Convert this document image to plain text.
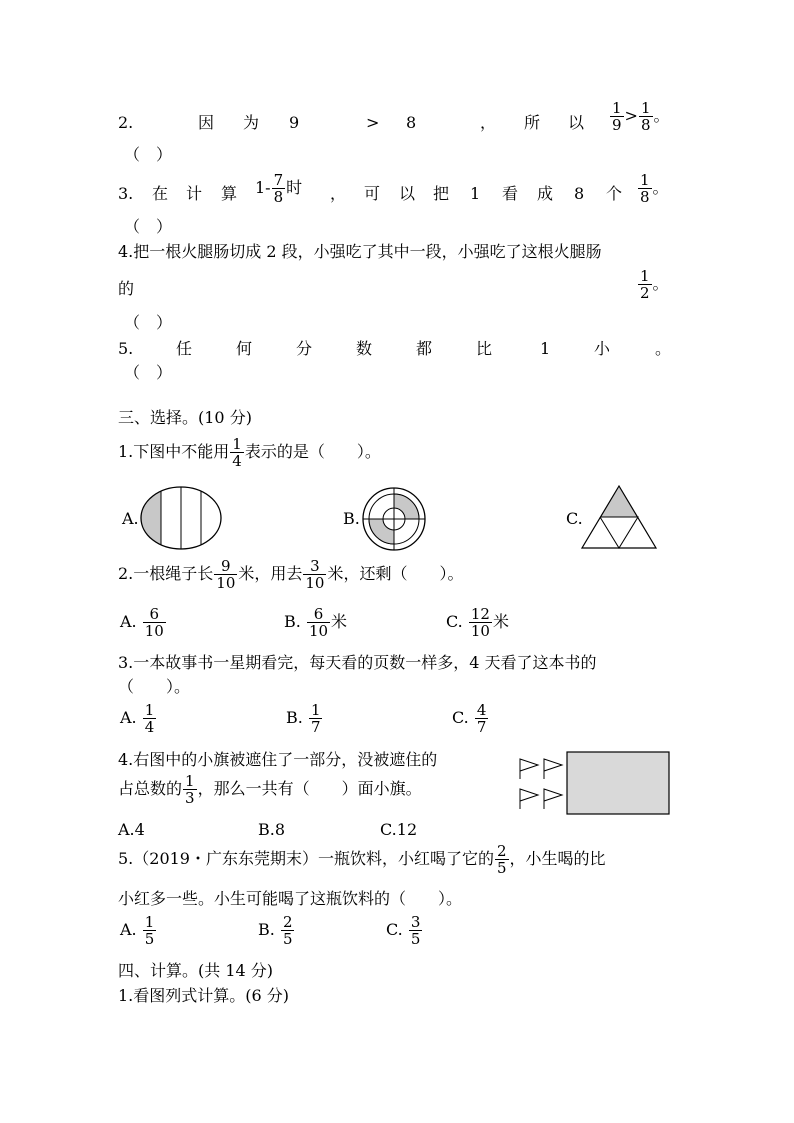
2.	因 为 9	> 8	， 所 以 $\frac{1}{9} > \frac{1}{8}$ 。
（　）
3. 在 计 算 $1- \frac{7}{8}$ 时 ， 可 以 把 1 看 成 8 个 $\frac{1}{8}$ 。
（　）
4.把一根火腿肠切成 2 段，小强吃了其中一段，小强吃了这根火腿肠
的	$\frac{1}{2}$ 。
（　）
5.	任	何	分	数	都	比	1	小	。
（　）
三、选择。(10 分)
1.下图中不能用 $\frac{1}{4}$ 表示的是（　　）。
A.	B.	C.
2.一根绳子长 $\frac{9}{10}$ 米，用去 $\frac{3}{10}$ 米，还剩（　　）。
A. $\frac{6}{10}$	B. $\frac{6}{10}$ 米	C. $\frac{12}{10}$ 米
3.一本故事书一星期看完，每天看的页数一样多，4 天看了这本书的
（　　）。
A. $\frac{1}{4}$	B. $\frac{1}{7}$	C. $\frac{4}{7}$
4.右图中的小旗被遮住了一部分，没被遮住的
占总数的 $\frac{1}{3}$ ，那么一共有（　　）面小旗。
A.4	B.8	C.12
5.（2019・广东东莞期末）一瓶饮料，小红喝了它的 $\frac{2}{5}$ ，小生喝的比
小红多一些。小生可能喝了这瓶饮料的（　　）。
A. $\frac{1}{5}$	B. $\frac{2}{5}$	C. $\frac{3}{5}$
四、计算。(共 14 分)
1.看图列式计算。(6 分)
